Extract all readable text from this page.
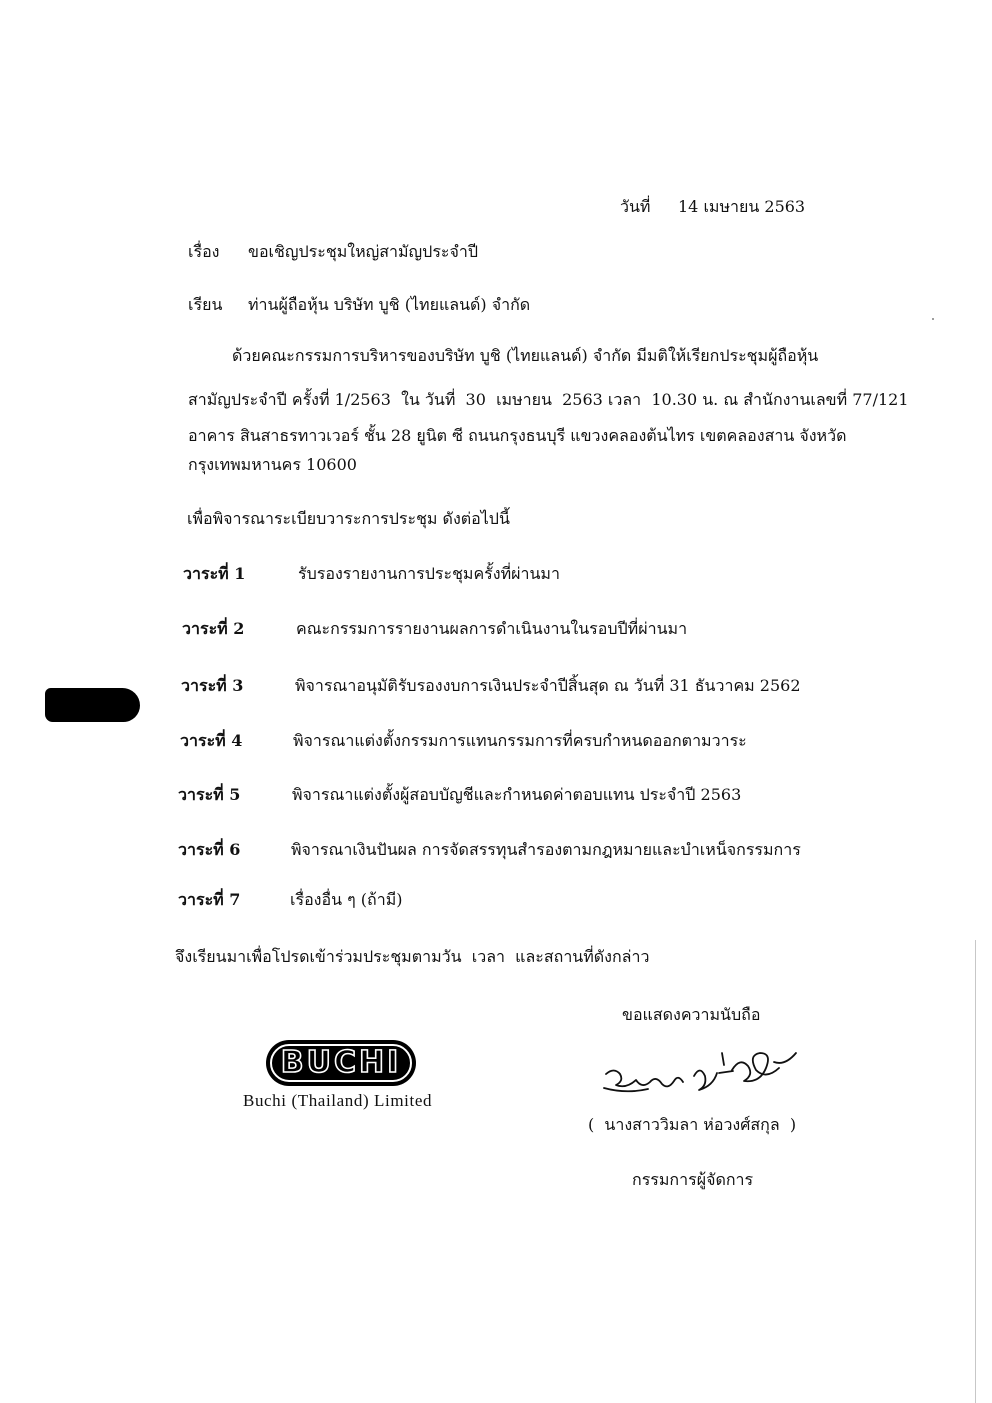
วันที่ 14 เมษายน 2563
เรื่อง ขอเชิญประชุมใหญ่สามัญประจำปี
เรียน ท่านผู้ถือหุ้น บริษัท บูชิ (ไทยแลนด์) จำกัด
ด้วยคณะกรรมการบริหารของบริษัท บูชิ (ไทยแลนด์) จำกัด มีมติให้เรียกประชุมผู้ถือหุ้น
สามัญประจำปี ครั้งที่ 1/2563  ใน วันที่  30  เมษายน  2563 เวลา  10.30 น. ณ สำนักงานเลขที่ 77/121
อาคาร สินสาธรทาวเวอร์ ชั้น 28 ยูนิต ซี ถนนกรุงธนบุรี แขวงคลองต้นไทร เขตคลองสาน จังหวัด
กรุงเทพมหานคร 10600
เพื่อพิจารณาระเบียบวาระการประชุม ดังต่อไปนี้
วาระที่ 1	รับรองรายงานการประชุมครั้งที่ผ่านมา
วาระที่ 2	คณะกรรมการรายงานผลการดำเนินงานในรอบปีที่ผ่านมา
วาระที่ 3	พิจารณาอนุมัติรับรองงบการเงินประจำปีสิ้นสุด ณ วันที่ 31 ธันวาคม 2562
วาระที่ 4	พิจารณาแต่งตั้งกรรมการแทนกรรมการที่ครบกำหนดออกตามวาระ
วาระที่ 5	พิจารณาแต่งตั้งผู้สอบบัญชีและกำหนดค่าตอบแทน ประจำปี 2563
วาระที่ 6	พิจารณาเงินปันผล การจัดสรรทุนสำรองตามกฎหมายและบำเหน็จกรรมการ
วาระที่ 7	เรื่องอื่น ๆ (ถ้ามี)
จึงเรียนมาเพื่อโปรดเข้าร่วมประชุมตามวัน  เวลา  และสถานที่ดังกล่าว
ขอแสดงความนับถือ
BUCHI
Buchi (Thailand) Limited
(  นางสาววิมลา ห่อวงศ์สกุล  )
กรรมการผู้จัดการ
